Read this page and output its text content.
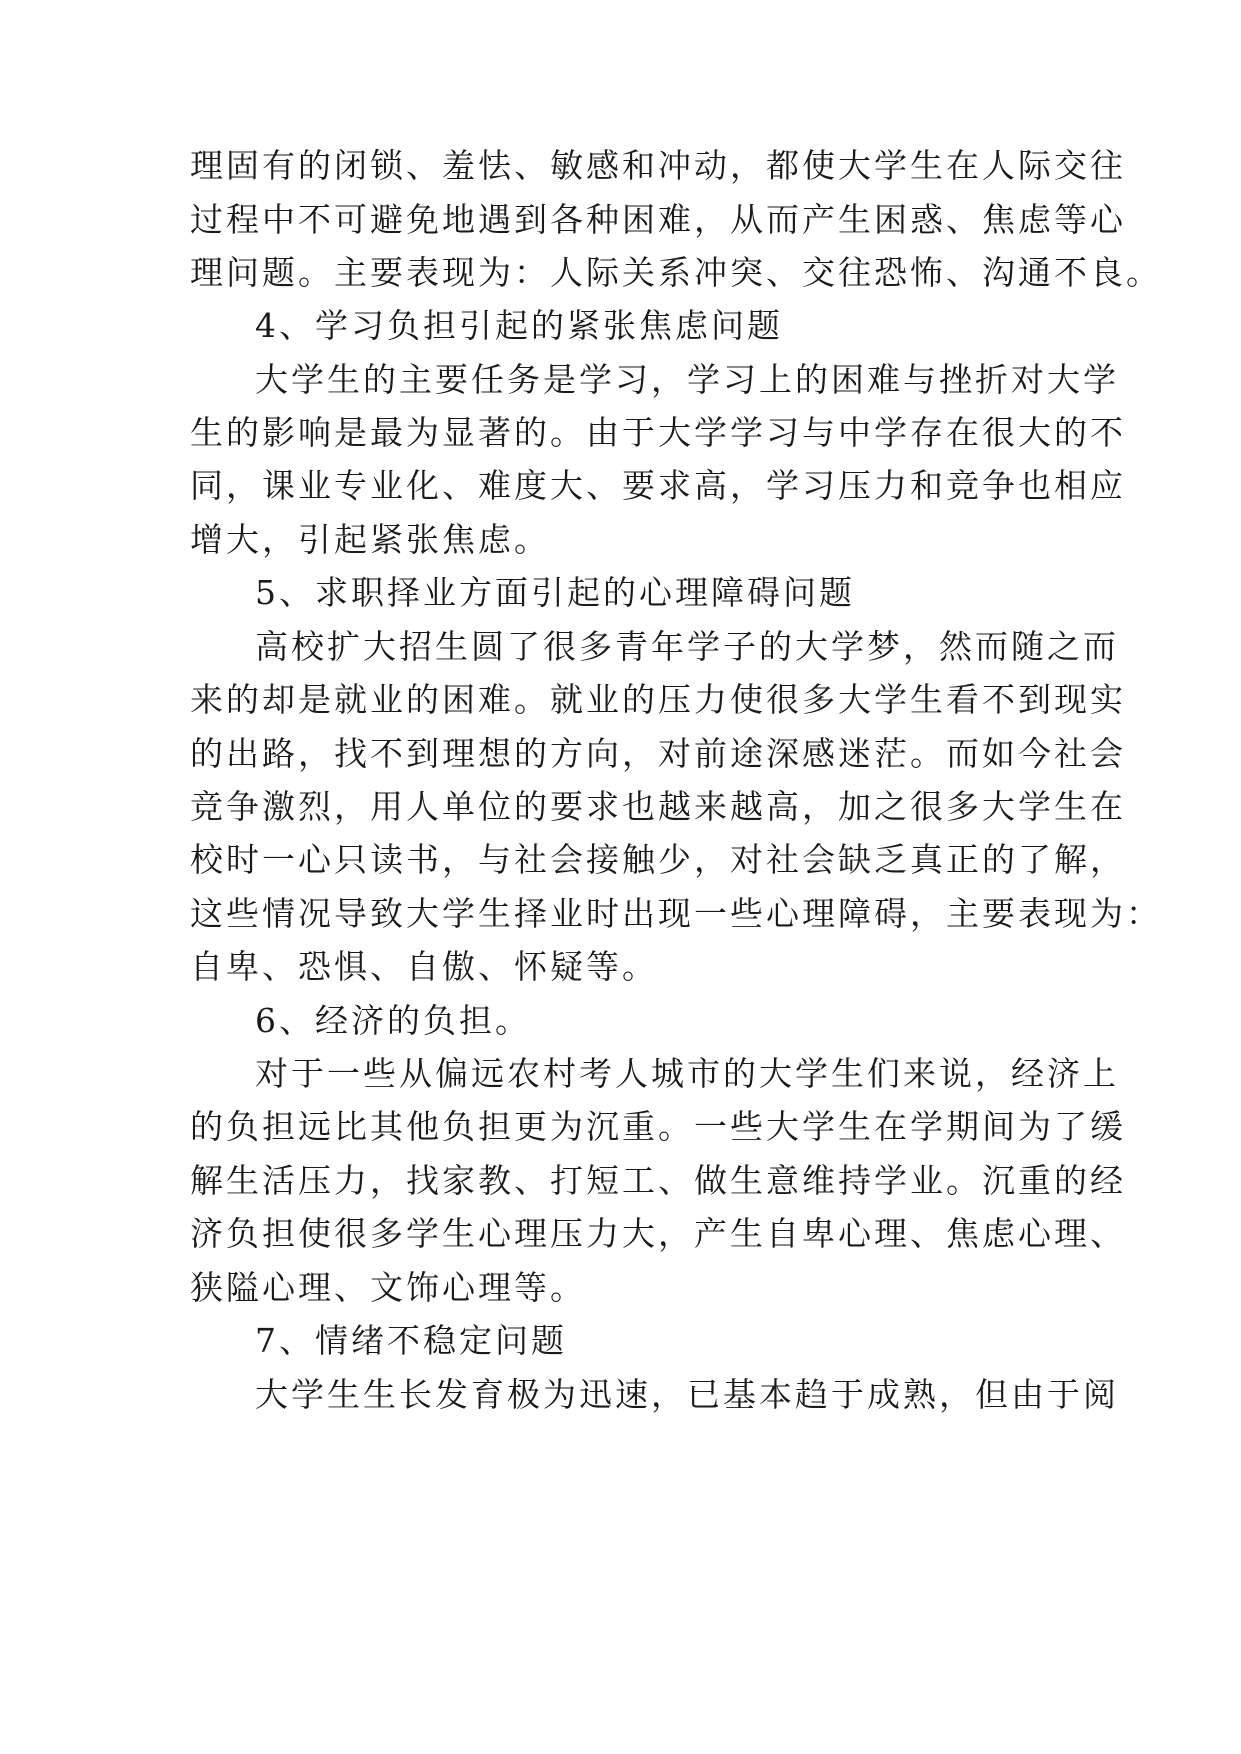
理固有的闭锁、羞怯、敏感和冲动，都使大学生在人际交往
过程中不可避免地遇到各种困难，从而产生困惑、焦虑等心
理问题。主要表现为：人际关系冲突、交往恐怖、沟通不良。
4、学习负担引起的紧张焦虑问题
大学生的主要任务是学习，学习上的困难与挫折对大学
生的影响是最为显著的。由于大学学习与中学存在很大的不
同，课业专业化、难度大、要求高，学习压力和竞争也相应
增大，引起紧张焦虑。
5、求职择业方面引起的心理障碍问题
高校扩大招生圆了很多青年学子的大学梦，然而随之而
来的却是就业的困难。就业的压力使很多大学生看不到现实
的出路，找不到理想的方向，对前途深感迷茫。而如今社会
竞争激烈，用人单位的要求也越来越高，加之很多大学生在
校时一心只读书，与社会接触少，对社会缺乏真正的了解，
这些情况导致大学生择业时出现一些心理障碍，主要表现为：
自卑、恐惧、自傲、怀疑等。
6、经济的负担。
对于一些从偏远农村考人城市的大学生们来说，经济上
的负担远比其他负担更为沉重。一些大学生在学期间为了缓
解生活压力，找家教、打短工、做生意维持学业。沉重的经
济负担使很多学生心理压力大，产生自卑心理、焦虑心理、
狭隘心理、文饰心理等。
7、情绪不稳定问题
大学生生长发育极为迅速，已基本趋于成熟，但由于阅
